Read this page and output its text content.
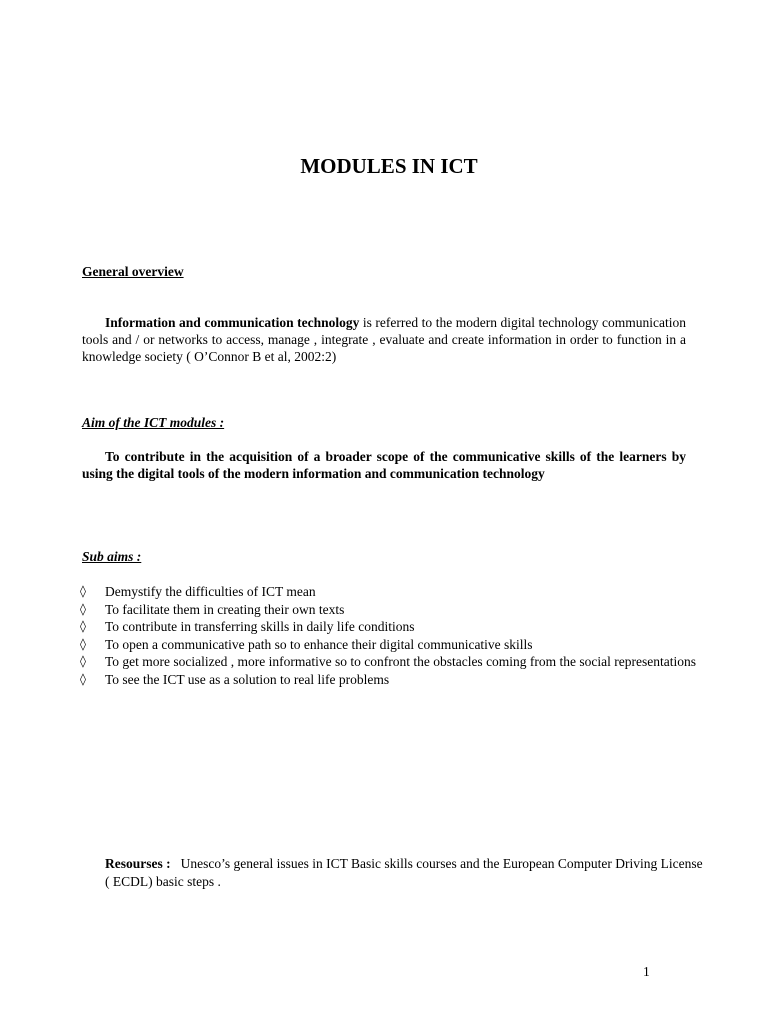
MODULES IN ICT
General overview

Information and communication technology is referred to the modern digital technology communication tools and / or networks to access, manage , integrate , evaluate and create information in order to function in a knowledge society ( O’Connor B et al, 2002:2)

Aim of the ICT modules :

To contribute in the acquisition of a broader scope of the communicative skills of the learners by using the digital tools of the modern information and communication technology

Sub aims :
◊ Demystify the difficulties of ICT mean
◊ To facilitate them in creating their own texts
◊ To contribute in transferring skills in daily life conditions
◊ To open a communicative path so to enhance their digital communicative skills
◊ To get more socialized , more informative so to confront the obstacles coming from the social representations
◊ To see the ICT use as a solution to real life problems

Resourses : Unesco’s general issues in ICT Basic skills courses and the European Computer Driving License ( ECDL) basic steps .

1
